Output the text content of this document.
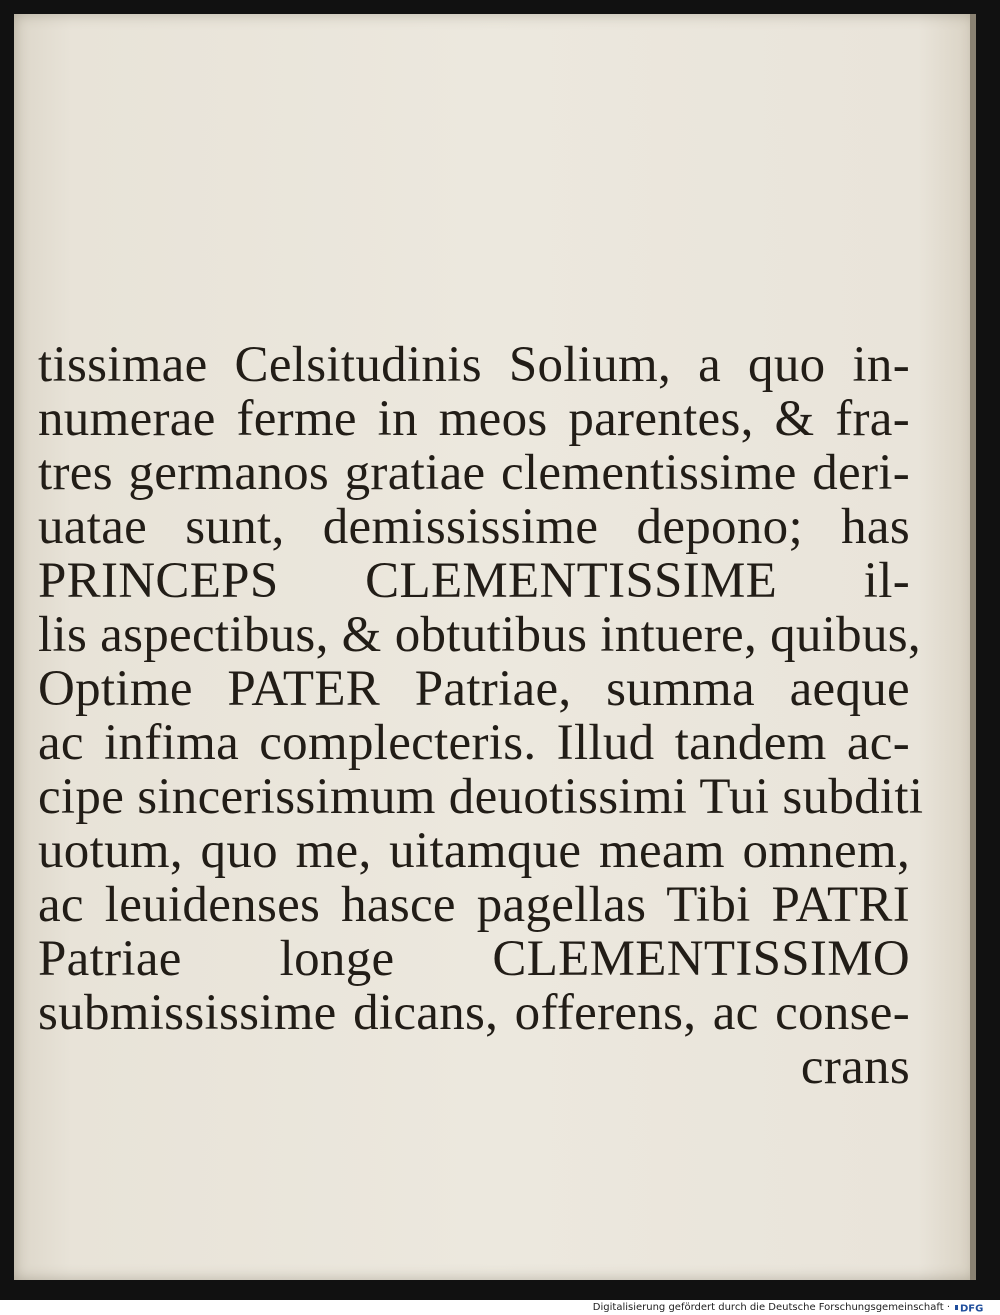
tissimae Celsitudinis Solium, a quo in-
numerae ferme in meos parentes, & fra-
tres germanos gratiae clementissime deri-
uatae sunt, demississime depono; has
PRINCEPS CLEMENTISSIME il-
lis aspectibus, & obtutibus intuere, quibus,
Optime PATER Patriae, summa aeque
ac infima complecteris. Illud tandem ac-
cipe sincerissimum deuotissimi Tui subditi
uotum, quo me, uitamque meam omnem,
ac leuidenses hasce pagellas Tibi PATRI
Patriae longe CLEMENTISSIMO
submississime dicans, offerens, ac conse-
crans
Digitalisierung gefördert durch die Deutsche Forschungsgemeinschaft · DFG
